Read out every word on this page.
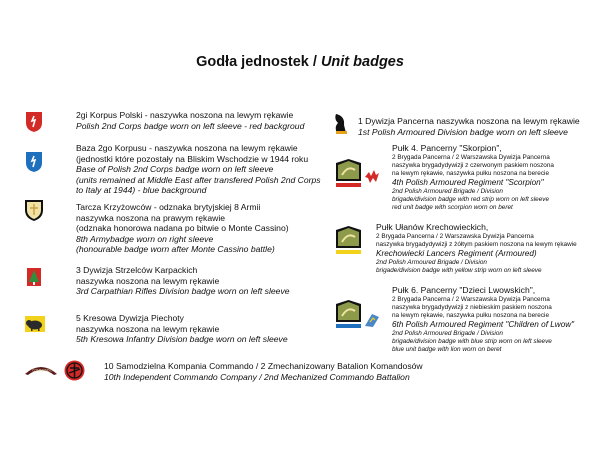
Godła jednostek / Unit badges
COMMANDO
2gi Korpus Polski - naszywka noszona na lewym rękawie
Polish 2nd Corps badge worn on left sleeve - red backgroud
Baza 2go Korpusu - naszywka noszona na lewym rękawie
(jednostki które pozostały na Bliskim Wschodzie w 1944 roku
Base of Polish 2nd Corps badge worn on left sleeve
(units remained at Middle East after transfered Polish 2nd Corps
to Italy at 1944) - blue background
Tarcza Krzyżowców - odznaka brytyjskiej 8 Armii
naszywka noszona na prawym rękawie
(odznaka honorowa nadana po bitwie o Monte Cassino)
8th Armybadge worn on right sleeve
(honourable badge worn after Monte Cassino battle)
3 Dywizja Strzelców Karpackich
naszywka noszona na lewym rękawie
3rd Carpathian Rifles Division badge worn on left sleeve
5 Kresowa Dywizja Piechoty
naszywka noszona na lewym rękawie
5th Kresowa Infantry Division badge worn on left sleeve
10 Samodzielna Kompania Commando / 2 Zmechanizowany Batalion Komandosów
10th Independent Commando Company / 2nd Mechanized Commando Battalion
1 Dywizja Pancerna naszywka noszona na lewym rękawie
1st Polish Armoured Division badge worn on left sleeve
Pułk 4. Pancerny "Skorpion",
2 Brygada Pancerna / 2 Warszawska Dywizja Pancerna
naszywka brygadydywizji z czerwonym paskiem noszona
na lewym rękawie, naszywka pułku noszona na berecie
4th Polish Armoured Regiment "Scorpion"
2nd Polish Armoured Brigade / Division
brigade/division badge with red strip worn on left sleeve
red unit badge with scorpion worn on beret
Pułk Ułanów Krechowieckich,
2 Brygada Pancerna / 2 Warszawska Dywizja Pancerna
naszywka brygadydywizji z żółtym paskiem noszona na lewym rękawie
Krechowiecki Lancers Regiment (Armoured)
2nd Polish Armoured Brigade / Division
brigade/division badge with yellow strip worn on left sleeve
Pułk 6. Pancerny "Dzieci Lwowskich",
2 Brygada Pancerna / 2 Warszawska Dywizja Pancerna
naszywka brygadydywizji z niebieskim paskiem noszona
na lewym rękawie, naszywka pułku noszona na berecie
6th Polish Armoured Regiment "Children of Lwow"
2nd Polish Armoured Brigade / Division
brigade/division badge with blue strip worn on left sleeve
blue unit badge with lion worn on beret
